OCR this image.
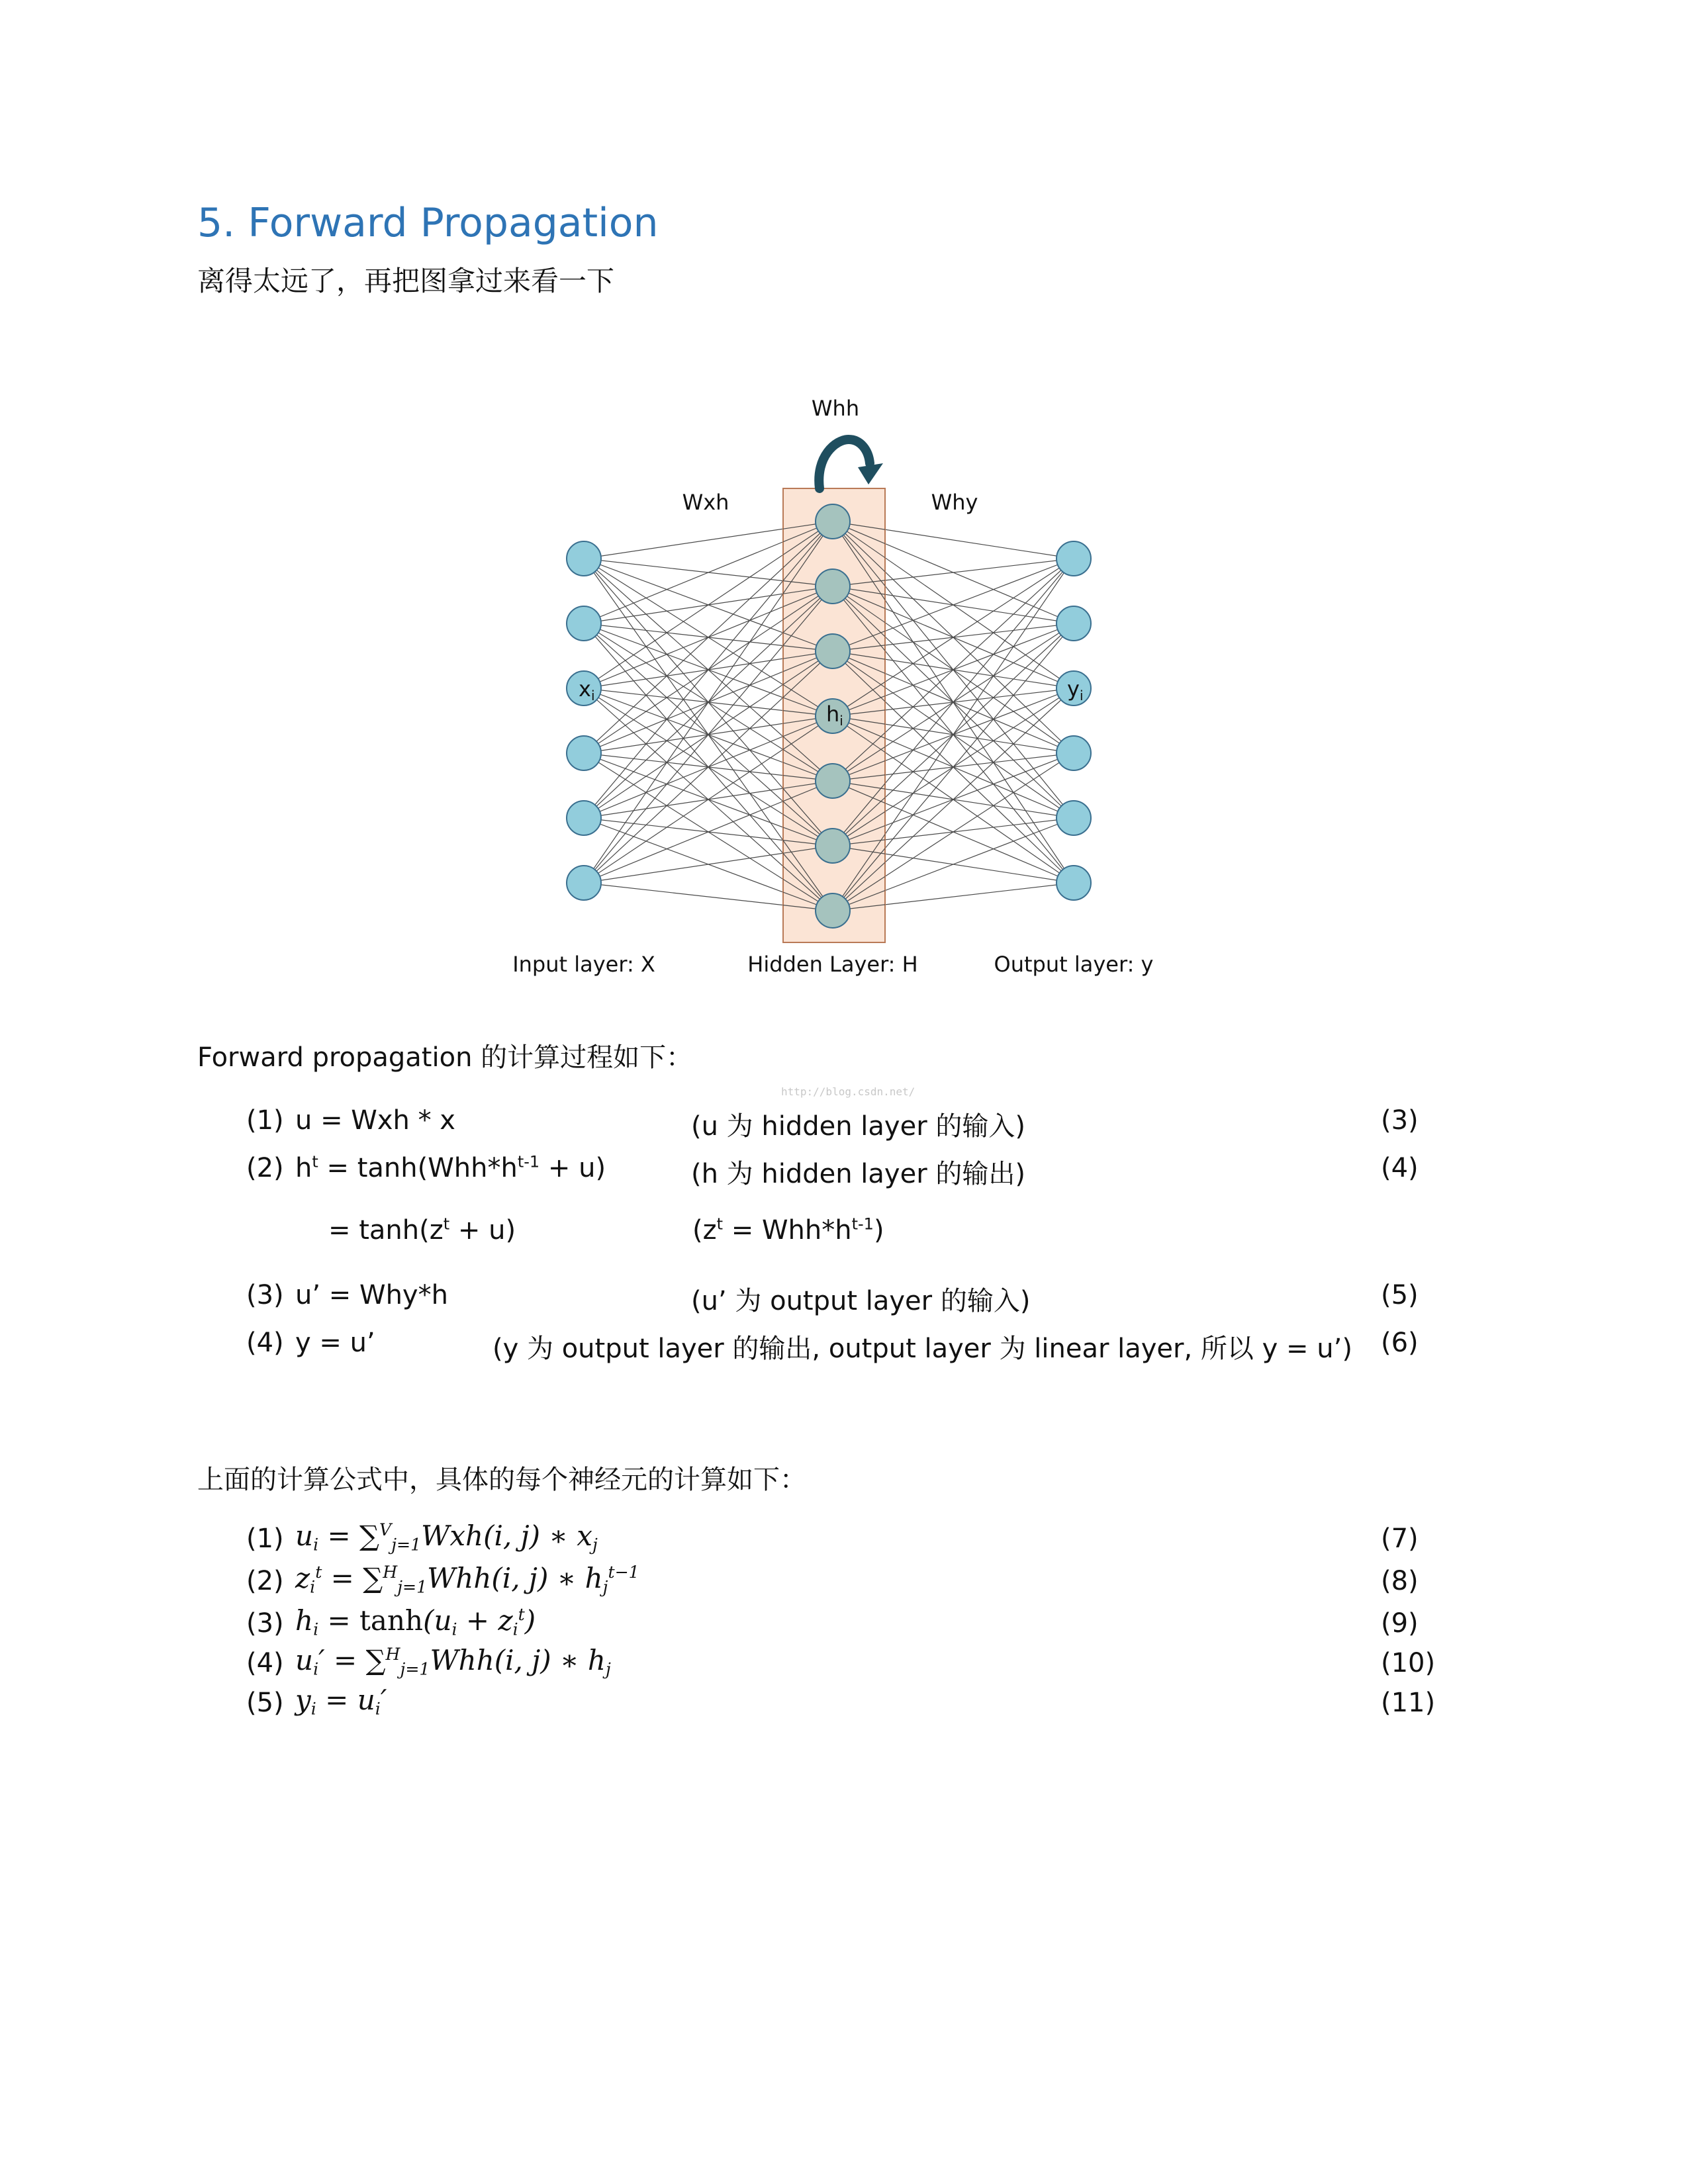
5. Forward Propagation
离得太远了，再把图拿过来看一下
Whh
Wxh	Why
xi
hi
yi
Input layer: X	Hidden Layer: H	Output layer: y
http://blog.csdn.net/
Forward propagation 的计算过程如下：
(1) u = Wxh * x	(u 为 hidden layer 的输入)	(3)
(2) $h^t = \tanh(Whh*h^{t-1} + u)$	(h 为 hidden layer 的输出)	(4)
= $\tanh(z^t + u)$	$(z^t = Whh*h^{t-1})$
(3) u’ = Why*h	(u’ 为 output layer 的输入)	(5)
(4) y = u’	(y 为 output layer 的输出, output layer 为 linear layer, 所以 y = u’) (6)
上面的计算公式中，具体的每个神经元的计算如下：
(1) $u_i = \sum^V_{j=1}Wxh(i$, j) ∗ $x_j$	(7)
(2) $z_i^t = \sum^H_{j=1}Whh(i$, j) ∗ $h_j^{t-1}$	(8)
(3) $h_i = \tanh(u_i + z_i^t)$	(9)
(4) $u_i' = \sum^H_{j=1}Whh(i$, j) ∗ $h_j$	(10)
(5) $y_i = u_i'$	(11)
